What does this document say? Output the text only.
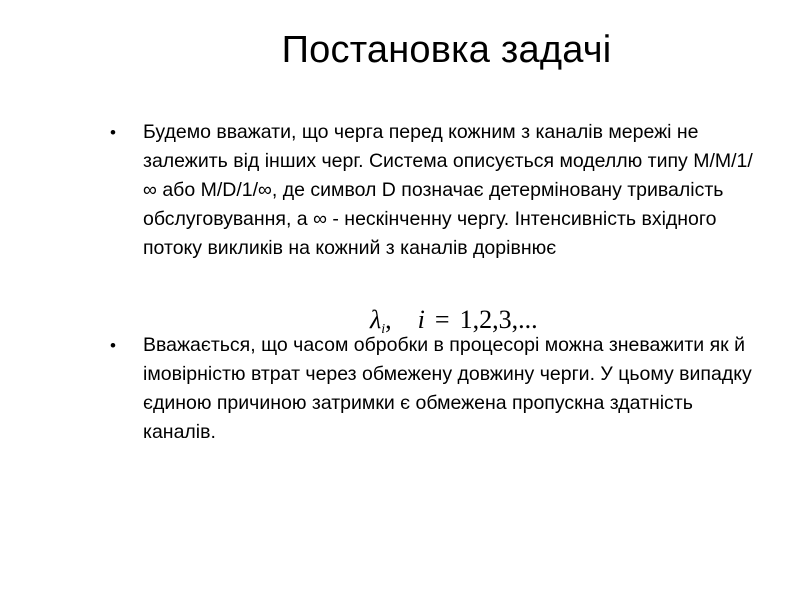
Постановка задачі
• Будемо вважати, що черга перед кожним з каналів мережі не залежить від інших черг. Система описується моделлю типу М/М/1/∞ або M/D/1/∞, де символ D позначає детерміновану тривалість обслуговування, а ∞ - нескінченну чергу. Інтенсивність вхідного потоку викликів на кожний з каналів дорівнює
$\lambda_i$, i = 1,2,3,...
• Вважається, що часом обробки в процесорі можна зневажити як й імовірністю втрат через обмежену довжину черги. У цьому випадку єдиною причиною затримки є обмежена пропускна здатність каналів.
